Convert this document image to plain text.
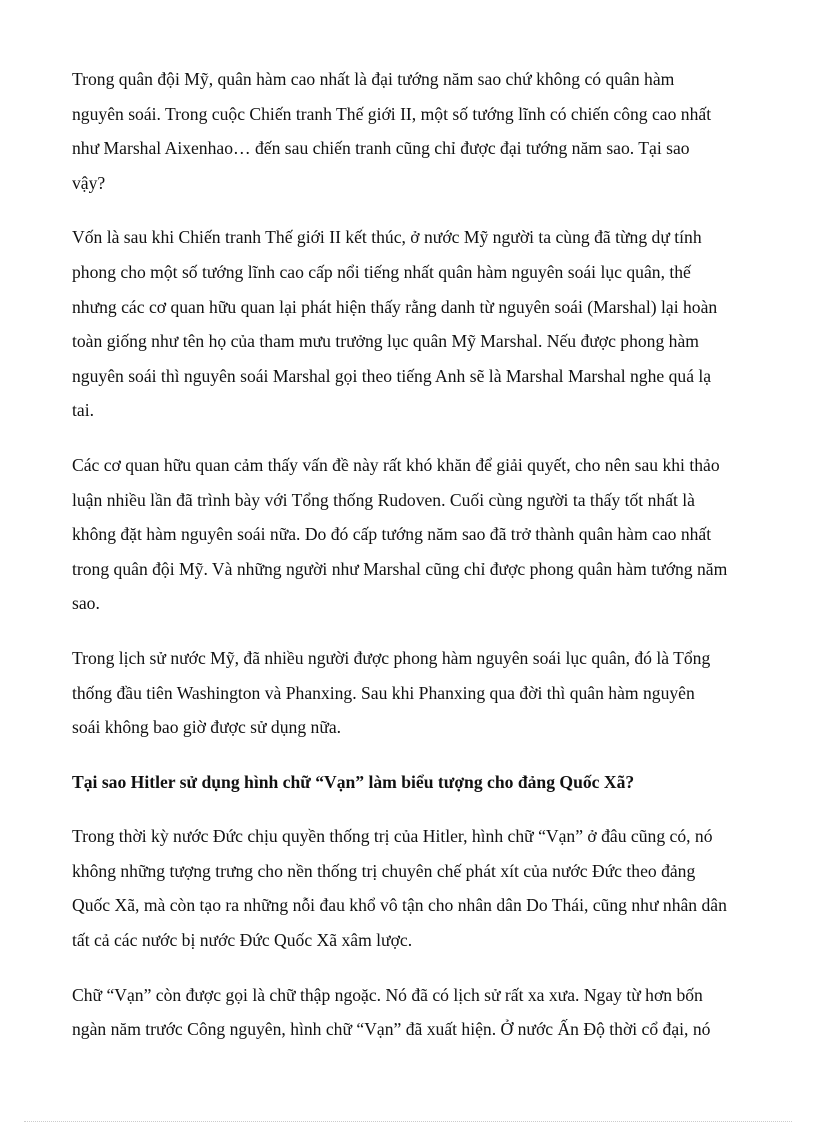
Trong quân đội Mỹ, quân hàm cao nhất là đại tướng năm sao chứ không có quân hàm
nguyên soái. Trong cuộc Chiến tranh Thế giới II, một số tướng lĩnh có chiến công cao nhất
như Marshal Aixenhao… đến sau chiến tranh cũng chỉ được đại tướng năm sao. Tại sao
vậy?
Vốn là sau khi Chiến tranh Thế giới II kết thúc, ở nước Mỹ người ta cùng đã từng dự tính
phong cho một số tướng lĩnh cao cấp nổi tiếng nhất quân hàm nguyên soái lục quân, thế
nhưng các cơ quan hữu quan lại phát hiện thấy rằng danh từ nguyên soái (Marshal) lại hoàn
toàn giống như tên họ của tham mưu trưởng lục quân Mỹ Marshal. Nếu được phong hàm
nguyên soái thì nguyên soái Marshal gọi theo tiếng Anh sẽ là Marshal Marshal nghe quá lạ
tai.
Các cơ quan hữu quan cảm thấy vấn đề này rất khó khăn để giải quyết, cho nên sau khi thảo
luận nhiều lần đã trình bày với Tổng thống Rudoven. Cuối cùng người ta thấy tốt nhất là
không đặt hàm nguyên soái nữa. Do đó cấp tướng năm sao đã trở thành quân hàm cao nhất
trong quân đội Mỹ. Và những người như Marshal cũng chỉ được phong quân hàm tướng năm
sao.
Trong lịch sử nước Mỹ, đã nhiều người được phong hàm nguyên soái lục quân, đó là Tổng
thống đầu tiên Washington và Phanxing. Sau khi Phanxing qua đời thì quân hàm nguyên
soái không bao giờ được sử dụng nữa.
Tại sao Hitler sử dụng hình chữ “Vạn” làm biểu tượng cho đảng Quốc Xã?
Trong thời kỳ nước Đức chịu quyền thống trị của Hitler, hình chữ “Vạn” ở đâu cũng có, nó
không những tượng trưng cho nền thống trị chuyên chế phát xít của nước Đức theo đảng
Quốc Xã, mà còn tạo ra những nỗi đau khổ vô tận cho nhân dân Do Thái, cũng như nhân dân
tất cả các nước bị nước Đức Quốc Xã xâm lược.
Chữ “Vạn” còn được gọi là chữ thập ngoặc. Nó đã có lịch sử rất xa xưa. Ngay từ hơn bốn
ngàn năm trước Công nguyên, hình chữ “Vạn” đã xuất hiện. Ở nước Ấn Độ thời cổ đại, nó
